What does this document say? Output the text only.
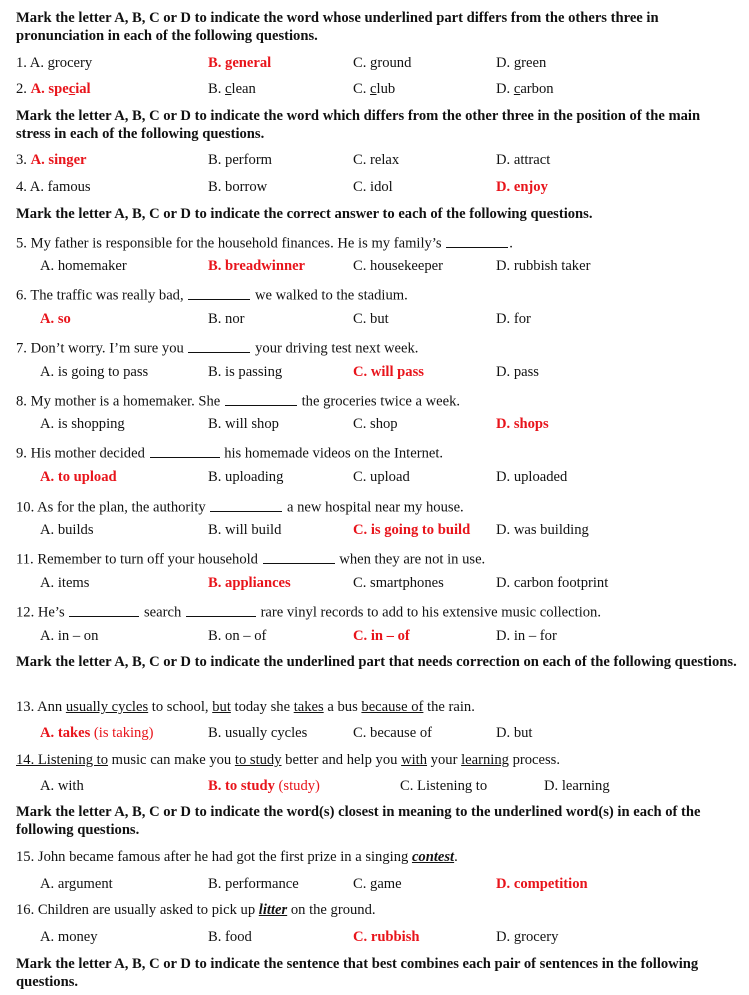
Mark the letter A, B, C or D to indicate the word whose underlined part differs from the others three in pronunciation in each of the following questions.
1. A. grocery	B. general	C. ground	D. green
2. A. special	B. clean	C. club	D. carbon
Mark the letter A, B, C or D to indicate the word which differs from the other three in the position of the main stress in each of the following questions.
3. A. singer	B. perform	C. relax	D. attract
4. A. famous	B. borrow	C. idol	D. enjoy
Mark the letter A, B, C or D to indicate the correct answer to each of the following questions.
5. My father is responsible for the household finances. He is my family’s	.
A. homemaker	B. breadwinner	C. housekeeper	D. rubbish taker
6. The traffic was really bad,	we walked to the stadium.
A. so	B. nor	C. but	D. for
7. Don’t worry. I’m sure you	your driving test next week.
A. is going to pass	B. is passing	C. will pass	D. pass
8. My mother is a homemaker. She	the groceries twice a week.
A. is shopping	B. will shop	C. shop	D. shops
9. His mother decided	his homemade videos on the Internet.
A. to upload	B. uploading	C. upload	D. uploaded
10. As for the plan, the authority	a new hospital near my house.
A. builds	B. will build	C. is going to build D. was building
11. Remember to turn off your household	when they are not in use.
A. items	B. appliances	C. smartphones	D. carbon footprint
12. He’s	search	rare vinyl records to add to his extensive music collection.
A. in – on	B. on – of	C. in – of	D. in – for
Mark the letter A, B, C or D to indicate the underlined part that needs correction on each of the following questions.
13. Ann usually cycles to school, but today she takes a bus because of the rain.
A. takes (is taking)	B. usually cycles	C. because of	D. but
14. Listening to music can make you to study better and help you with your learning process.
A. with	B. to study (study)	C. Listening to	D. learning
Mark the letter A, B, C or D to indicate the word(s) closest in meaning to the underlined word(s) in each of the following questions.
15. John became famous after he had got the first prize in a singing contest.
A. argument	B. performance	C. game	D. competition
16. Children are usually asked to pick up litter on the ground.
A. money	B. food	C. rubbish	D. grocery
Mark the letter A, B, C or D to indicate the sentence that best combines each pair of sentences in the following questions.
